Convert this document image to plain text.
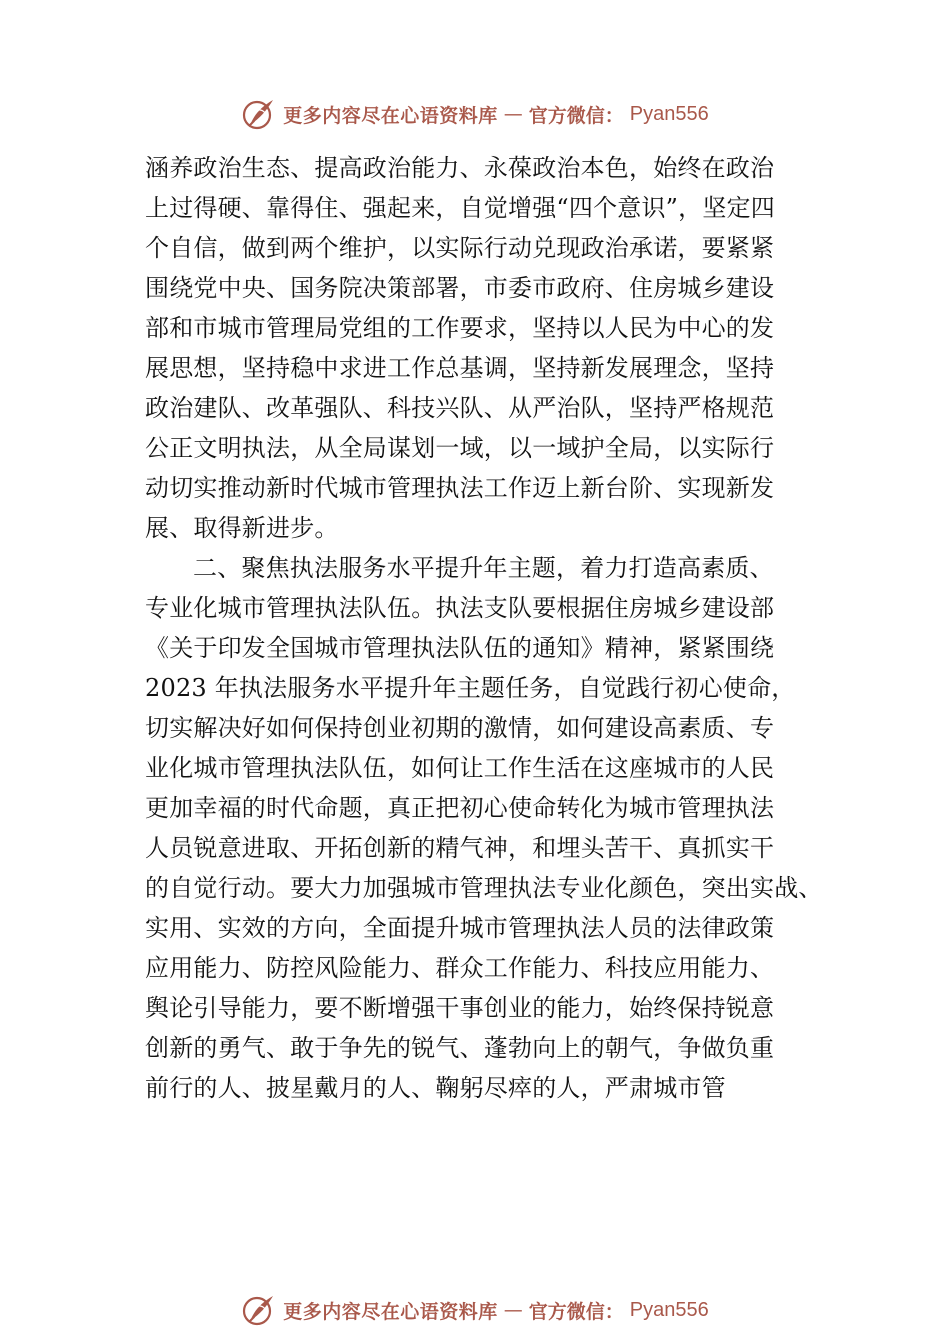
更多内容尽在心语资料库 — 官方微信： Pyan556
涵养政治生态、提高政治能力、永葆政治本色，始终在政治
上过得硬、靠得住、强起来，自觉增强“四个意识”，坚定四
个自信，做到两个维护，以实际行动兑现政治承诺，要紧紧
围绕党中央、国务院决策部署，市委市政府、住房城乡建设
部和市城市管理局党组的工作要求，坚持以人民为中心的发
展思想，坚持稳中求进工作总基调，坚持新发展理念，坚持
政治建队、改革强队、科技兴队、从严治队，坚持严格规范
公正文明执法，从全局谋划一域，以一域护全局，以实际行
动切实推动新时代城市管理执法工作迈上新台阶、实现新发
展、取得新进步。
二、聚焦执法服务水平提升年主题，着力打造高素质、
专业化城市管理执法队伍。执法支队要根据住房城乡建设部
《关于印发全国城市管理执法队伍的通知》精神，紧紧围绕
2023 年执法服务水平提升年主题任务，自觉践行初心使命，
切实解决好如何保持创业初期的激情，如何建设高素质、专
业化城市管理执法队伍，如何让工作生活在这座城市的人民
更加幸福的时代命题，真正把初心使命转化为城市管理执法
人员锐意进取、开拓创新的精气神，和埋头苦干、真抓实干
的自觉行动。要大力加强城市管理执法专业化颜色，突出实战、
实用、实效的方向，全面提升城市管理执法人员的法律政策
应用能力、防控风险能力、群众工作能力、科技应用能力、
舆论引导能力，要不断增强干事创业的能力，始终保持锐意
创新的勇气、敢于争先的锐气、蓬勃向上的朝气，争做负重
前行的人、披星戴月的人、鞠躬尽瘁的人，严肃城市管
更多内容尽在心语资料库 — 官方微信： Pyan556
